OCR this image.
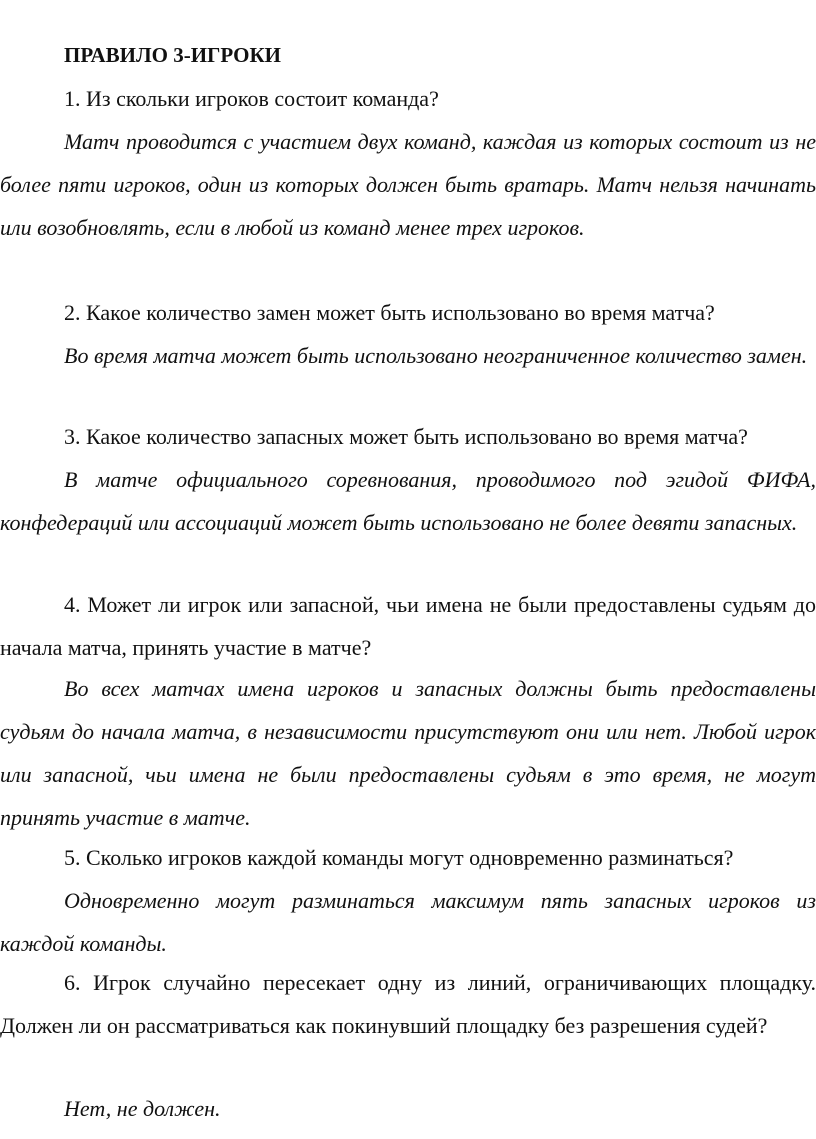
ПРАВИЛО 3-ИГРОКИ

1. Из скольки игроков состоит команда?

Матч проводится с участием двух команд, каждая из которых состоит из не более пяти игроков, один из которых должен быть вратарь. Матч нельзя начинать или возобновлять, если в любой из команд менее трех игроков.

2. Какое количество замен может быть использовано во время матча?

Во время матча может быть использовано неограниченное количество замен.

3. Какое количество запасных может быть использовано во время матча?

В матче официального соревнования, проводимого под эгидой ФИФА, конфедераций или ассоциаций может быть использовано не более девяти запасных.

4. Может ли игрок или запасной, чьи имена не были предоставлены судьям до начала матча, принять участие в матче?

Во всех матчах имена игроков и запасных должны быть предоставлены судьям до начала матча, в независимости присутствуют они или нет. Любой игрок или запасной, чьи имена не были предоставлены судьям в это время, не могут принять участие в матче.

5. Сколько игроков каждой команды могут одновременно разминаться?

Одновременно могут разминаться максимум пять запасных игроков из каждой команды.

6. Игрок случайно пересекает одну из линий, ограничивающих площадку. Должен ли он рассматриваться как покинувший площадку без разрешения судей?

Нет, не должен.
